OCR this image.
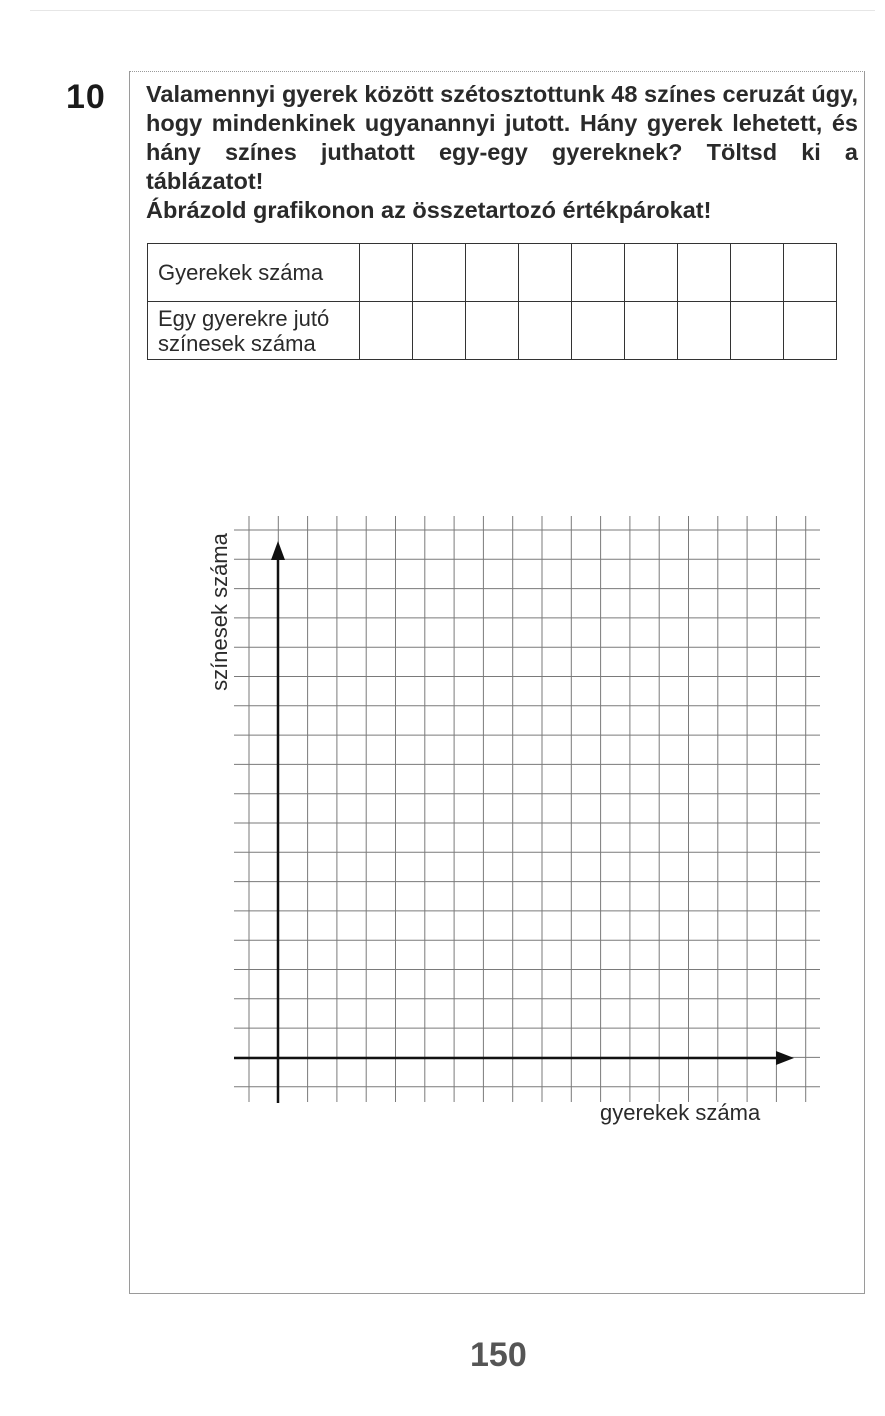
10 Valamennyi gyerek között szétosztottunk 48 színes ceruzát úgy,
hogy mindenkinek ugyanannyi jutott. Hány gyerek lehetett, és
hány színes juthatott egy-egy gyereknek? Töltsd ki a táblázatot!
Ábrázold grafikonon az összetartozó értékpárokat!
Gyerekek száma									

Egy gyerekre jutó
színesek száma									

színesek száma
gyerekek száma
150
